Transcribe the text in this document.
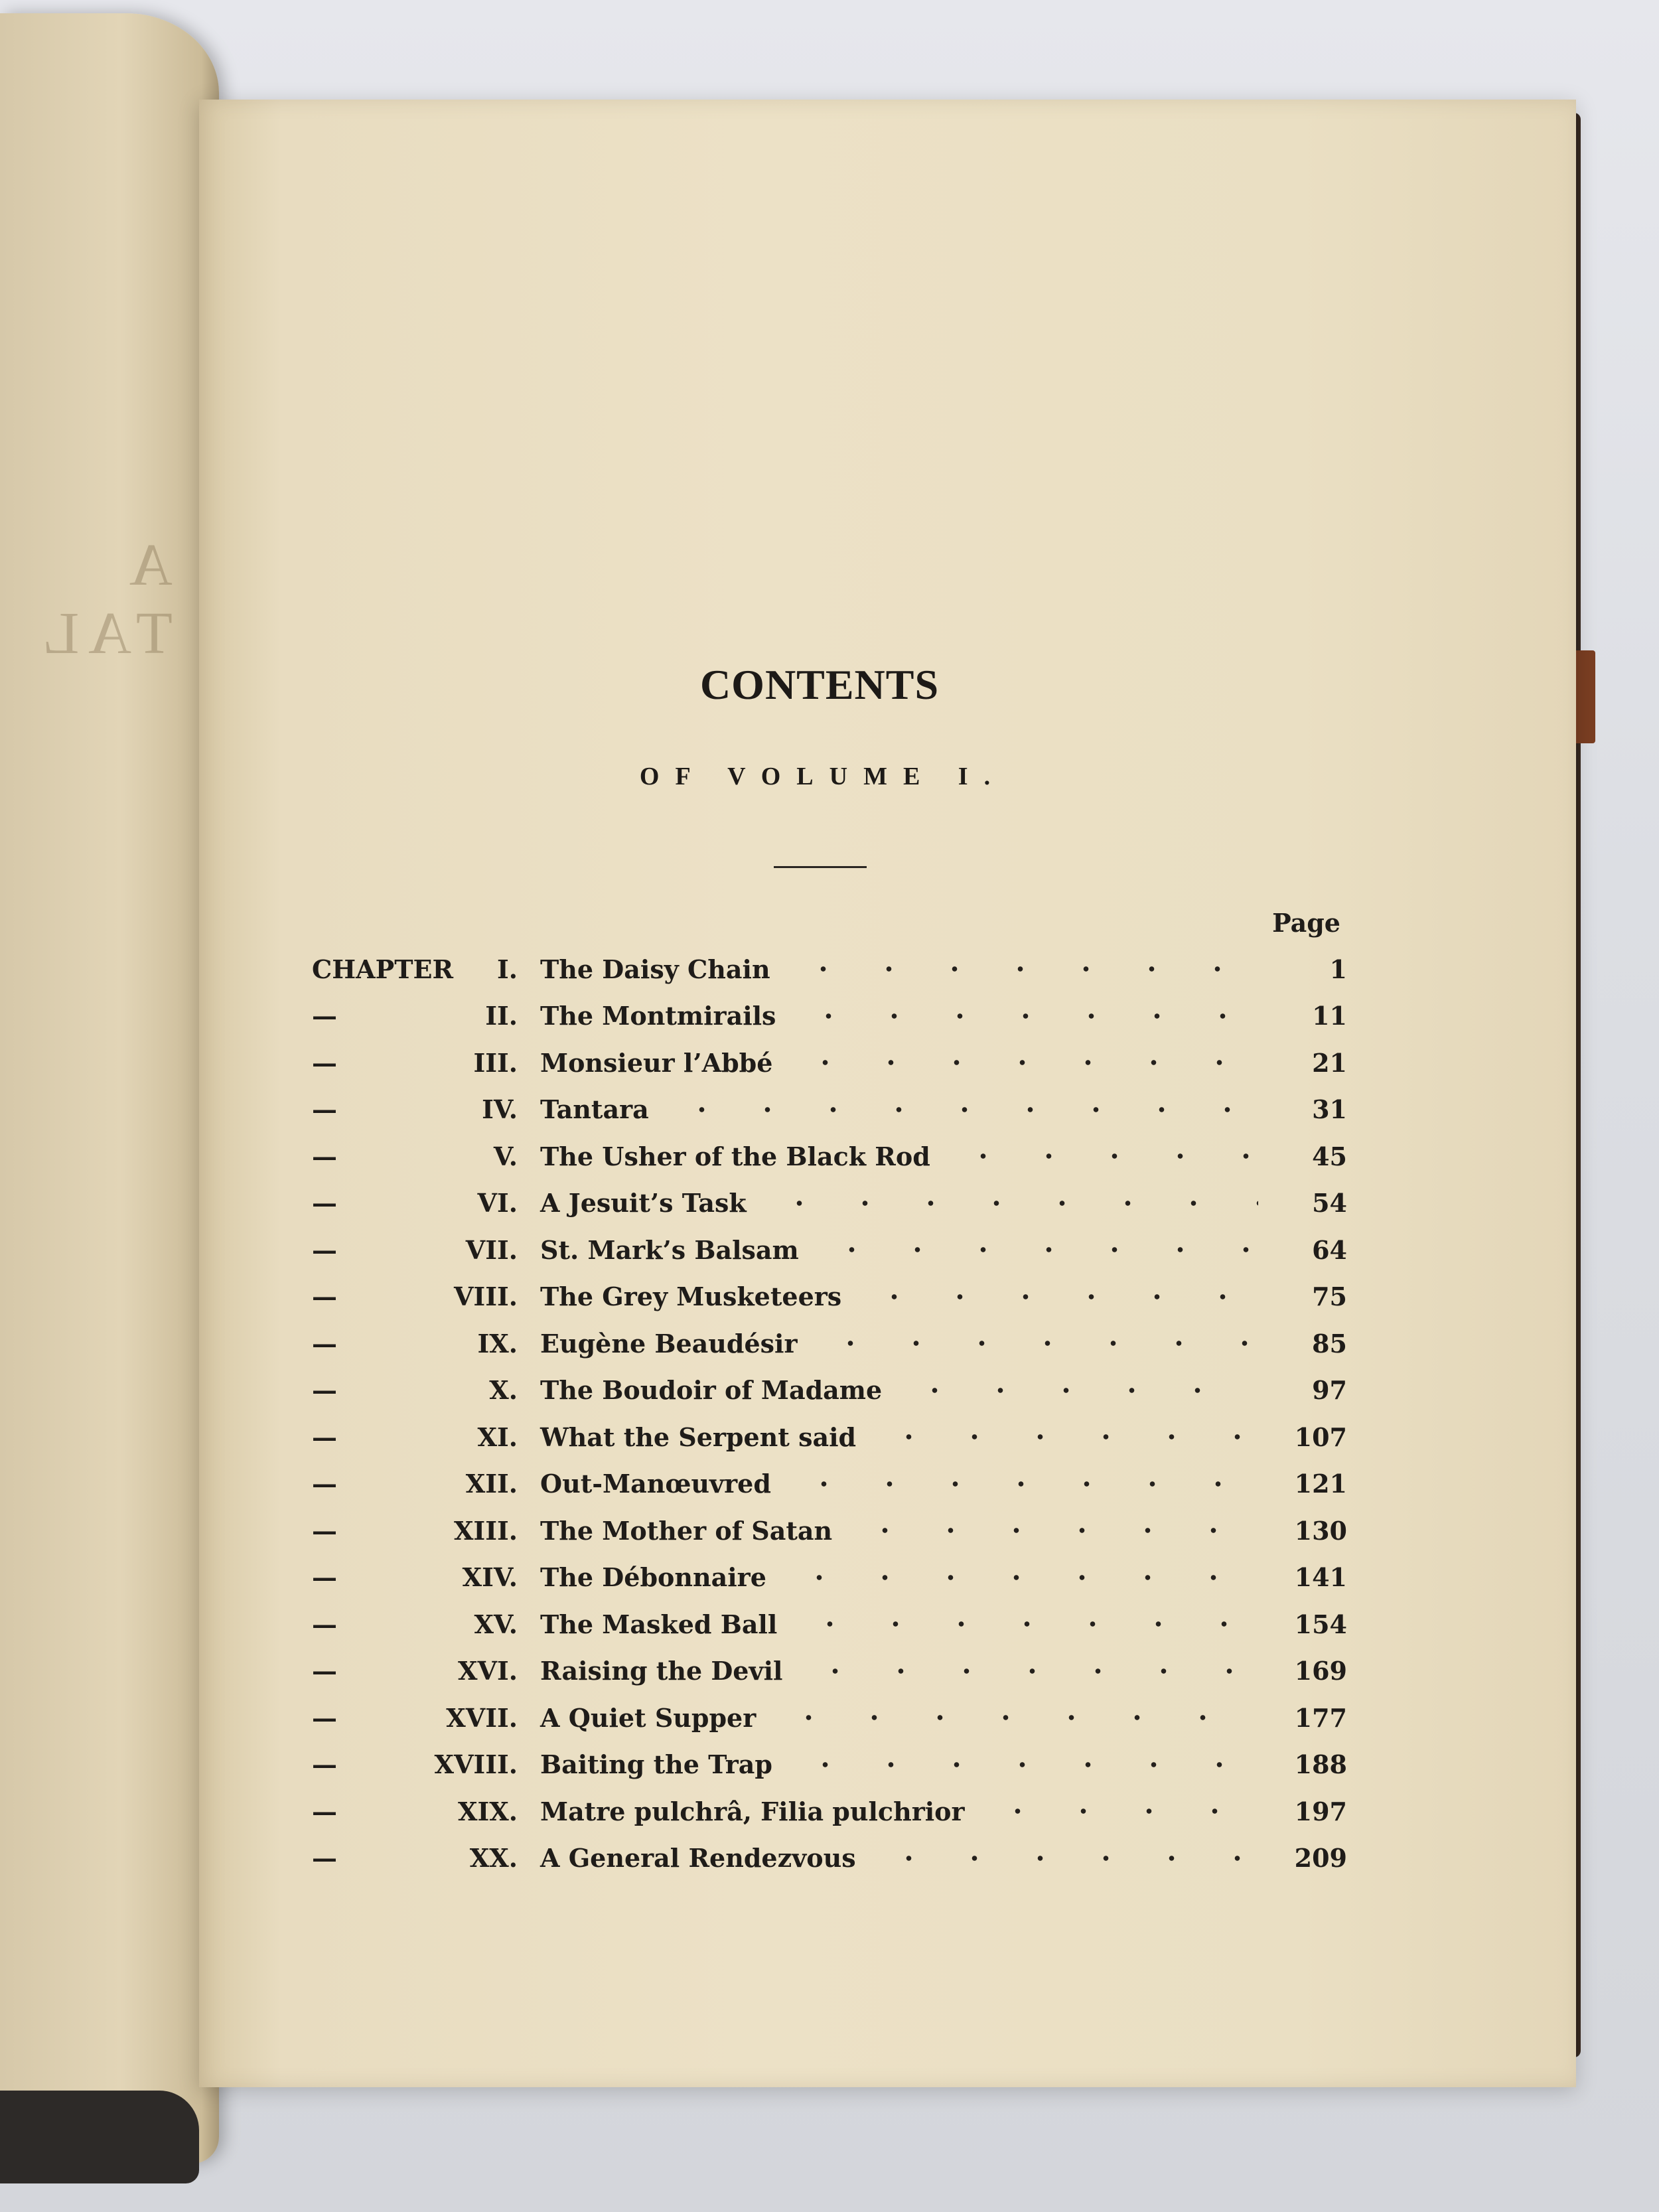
A TAL
CONTENTS
OF VOLUME I.
Page
CHAPTER	I. The Daisy Chain	1
—	II. The Montmirails	11
—	III. Monsieur l’Abbé	21
—	IV. Tantara	31
—	V. The Usher of the Black Rod	45
—	VI. A Jesuit’s Task	54
—	VII. St. Mark’s Balsam	64
—	VIII. The Grey Musketeers	75
—	IX. Eugène Beaudésir	85
—	X. The Boudoir of Madame	97
—	XI. What the Serpent said	107
—	XII. Out-Manœuvred	121
—	XIII. The Mother of Satan	130
—	XIV. The Débonnaire	141
—	XV. The Masked Ball	154
—	XVI. Raising the Devil	169
—	XVII. A Quiet Supper	177
—	XVIII. Baiting the Trap	188
—	XIX. Matre pulchrâ, Filia pulchrior	197
—	XX. A General Rendezvous	209
